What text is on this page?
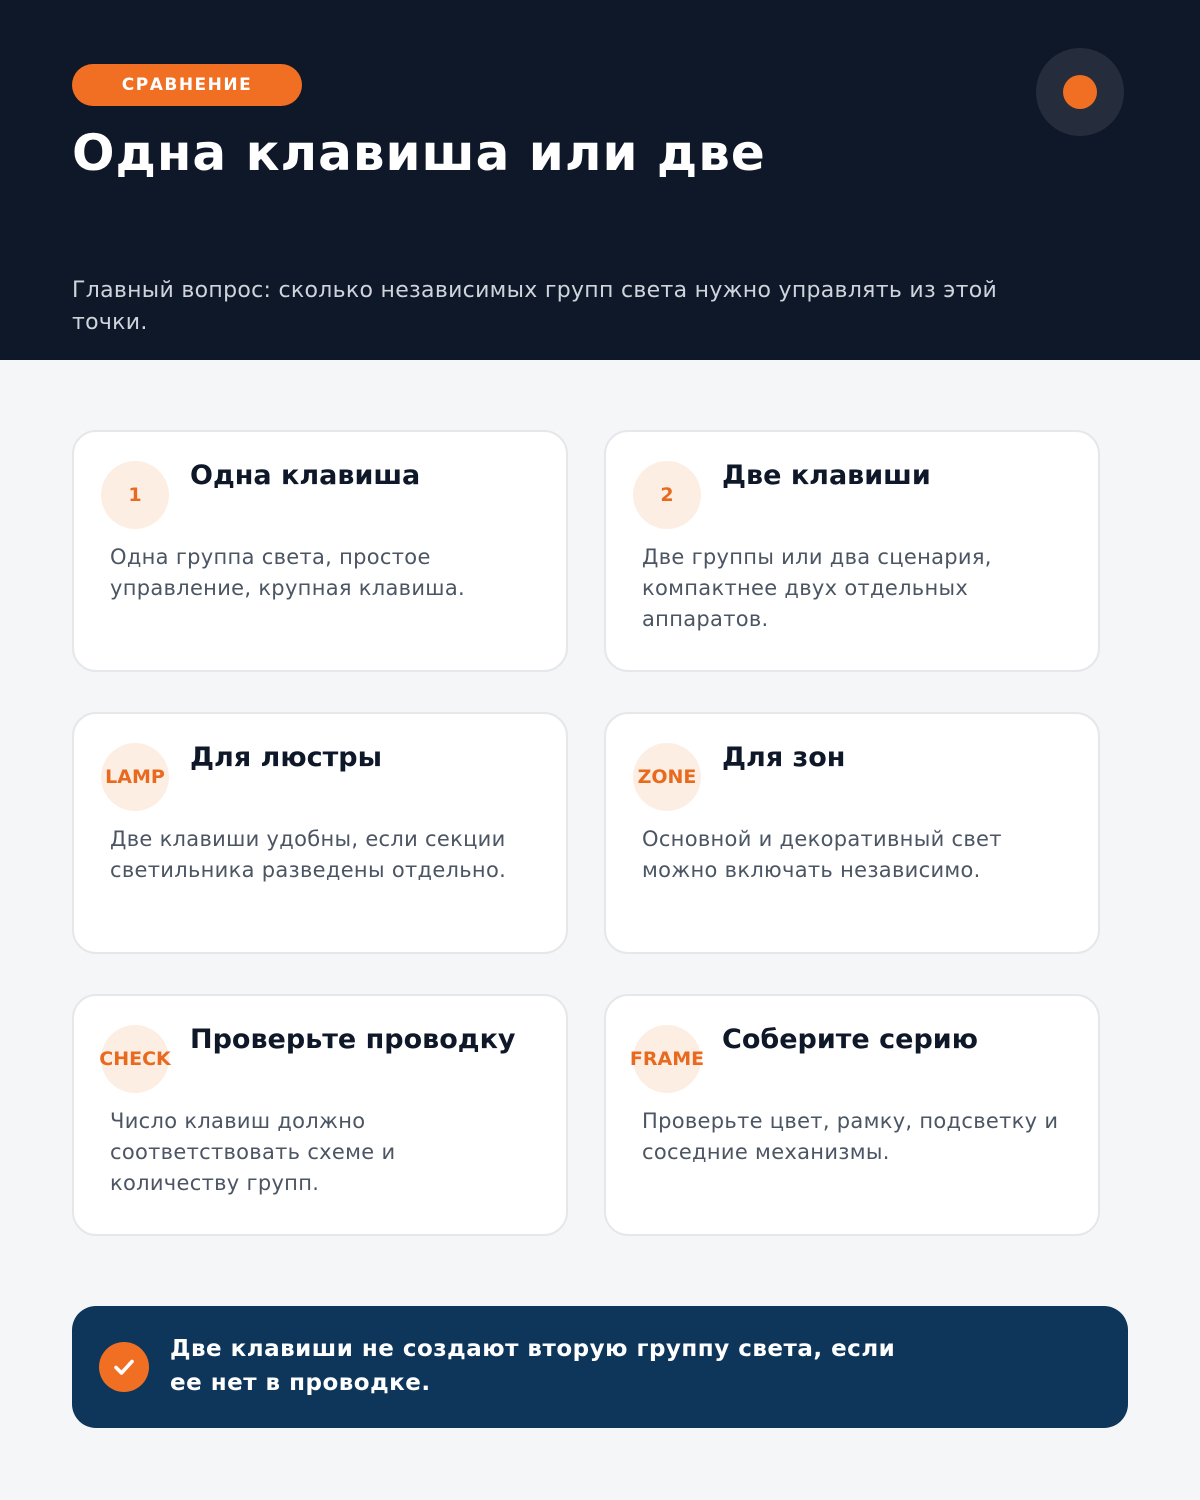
СРАВНЕНИЕ
Одна клавиша или две
Главный вопрос: сколько независимых групп света нужно управлять из этой точки.
1
Одна клавиша
Одна группа света, простое управление, крупная клавиша.
2
Две клавиши
Две группы или два сценария, компактнее двух отдельных аппаратов.
LAMP
Для люстры
Две клавиши удобны, если секции светильника разведены отдельно.
ZONE
Для зон
Основной и декоративный свет можно включать независимо.
CHECK
Проверьте проводку
Число клавиш должно соответствовать схеме и количеству групп.
FRAME
Соберите серию
Проверьте цвет, рамку, подсветку и соседние механизмы.
Две клавиши не создают вторую группу света, если ее нет в проводке.
